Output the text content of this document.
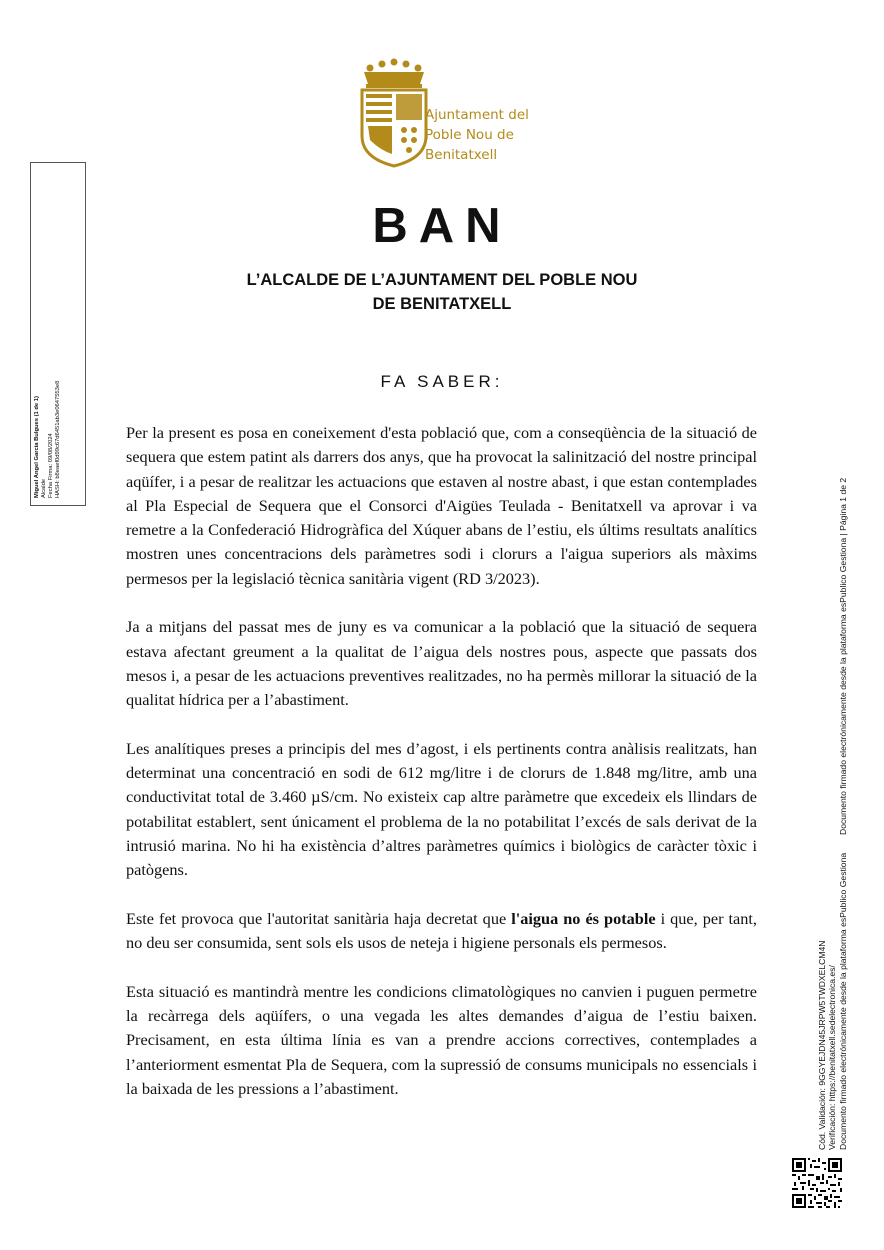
Ajuntament del
Poble Nou de
Benitatxell
BAN
L’ALCALDE DE L’AJUNTAMENT DEL POBLE NOU
DE BENITATXELL
FA SABER:

Per la present es posa en coneixement d'esta població que, com a conseqüència de la situació de sequera que estem patint als darrers dos anys, que ha provocat la salinització del nostre principal aqüífer, i a pesar de realitzar les actuacions que estaven al nostre abast, i que estan contemplades al Pla Especial de Sequera que el Consorci d'Aigües Teulada - Benitatxell va aprovar i va remetre a la Confederació Hidrogràfica del Xúquer abans de l’estiu, els últims resultats analítics mostren unes concentracions dels paràmetres sodi i clorurs a l'aigua superiors als màxims permesos per la legislació tècnica sanitària vigent (RD 3/2023).

Ja a mitjans del passat mes de juny es va comunicar a la població que la situació de sequera estava afectant greument a la qualitat de l’aigua dels nostres pous, aspecte que passats dos mesos i, a pesar de les actuacions preventives realitzades, no ha permès millorar la situació de la qualitat hídrica per a l’abastiment.

Les analítiques preses a principis del mes d’agost, i els pertinents contra anàlisis realitzats, han determinat una concentració en sodi de 612 mg/litre i de clorurs de 1.848 mg/litre, amb una conductivitat total de 3.460 µS/cm. No existeix cap altre paràmetre que excedeix els llindars de potabilitat establert, sent únicament el problema de la no potabilitat l’excés de sals derivat de la intrusió marina. No hi ha existència d’altres paràmetres químics i biològics de caràcter tòxic i patògens.

Este fet provoca que l'autoritat sanitària haja decretat que l'aigua no és potable i que, per tant, no deu ser consumida, sent sols els usos de neteja i higiene personals els permesos.

Esta situació es mantindrà mentre les condicions climatològiques no canvien i puguen permetre la recàrrega dels aqüífers, o una vegada les altes demandes d’aigua de l’estiu baixen. Precisament, en esta última línia es van a prendre accions correctives, contemplades a l’anteriorment esmentat Pla de Sequera, com la supressió de consums municipals no essencials i la baixada de les pressions a l’abastiment.

Miguel Angel García Bulgues (1 de 1) Alcalde Fecha Firma: 09/08/2024 HASH: b8eaef0d99c67d6451ab3e0647553e8
Documento firmado electrónicamente desde la plataforma esPublico Gestiona | Página 1 de 2
Cód. Validación: 9GGYEJDN45JRPW5TWDXELCM4N Verificación: https://benitatxell.sedelectronica.es/ Documento firmado electrónicamente desde la plataforma esPublico Gestiona
